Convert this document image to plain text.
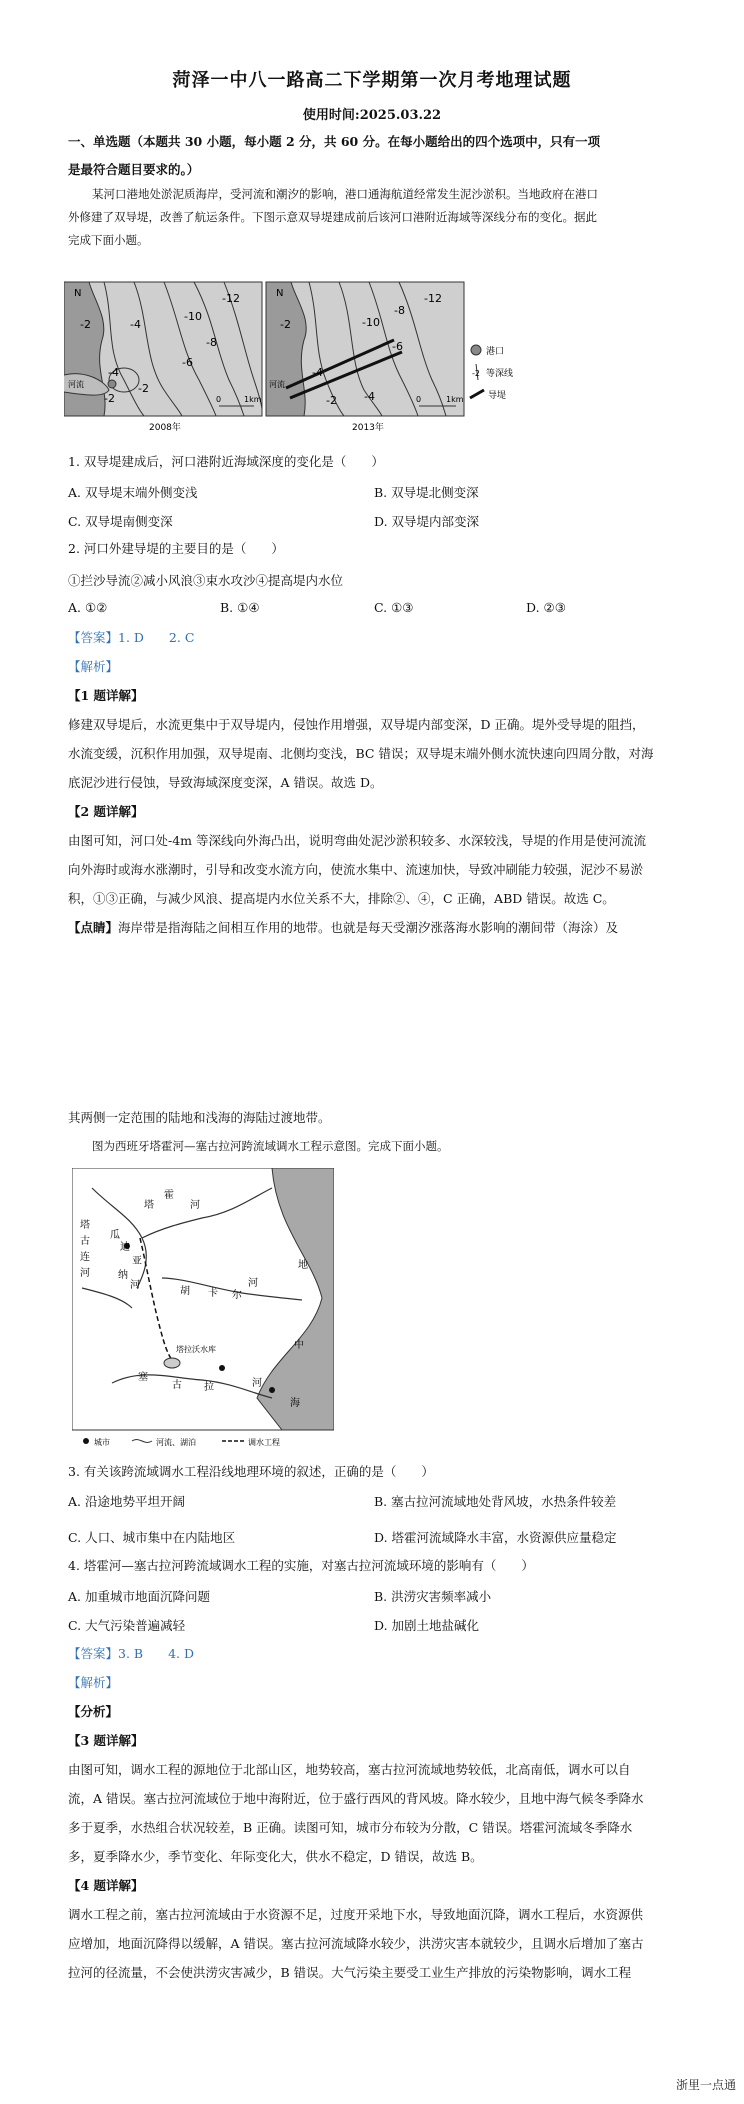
菏泽一中八一路高二下学期第一次月考地理试题
使用时间:2025.03.22
一、单选题（本题共 30 小题，每小题 2 分，共 60 分。在每小题给出的四个选项中，只有一项
是最符合题目要求的。）
某河口港地处淤泥质海岸，受河流和潮汐的影响，港口通海航道经常发生泥沙淤积。当地政府在港口
外修建了双导堤，改善了航运条件。下图示意双导堤建成前后该河口港附近海域等深线分布的变化。据此
完成下面小题。
N	-12
-10
-8
-6
-2	-4
-4
-2
-2
河流
0	1km
2008年
N	-12
-8
-10
-6
-4
-2
-2 -4
河流
0	1km
2013年
港口
-2 等深线
导堤
1. 双导堤建成后，河口港附近海域深度的变化是（　　）
A. 双导堤末端外侧变浅	B. 双导堤北侧变深
C. 双导堤南侧变深	D. 双导堤内部变深
2. 河口外建导堤的主要目的是（　　）
①拦沙导流②减小风浪③束水攻沙④提高堤内水位
A. ①②	B. ①④	C. ①③	D. ②③
【答案】1. D　　2. C
【解析】
【1 题详解】
修建双导堤后，水流更集中于双导堤内，侵蚀作用增强，双导堤内部变深，D 正确。堤外受导堤的阻挡，
水流变缓，沉积作用加强，双导堤南、北侧均变浅，BC 错误；双导堤末端外侧水流快速向四周分散，对海
底泥沙进行侵蚀，导致海域深度变深，A 错误。故选 D。
【2 题详解】
由图可知，河口处-4m 等深线向外海凸出，说明弯曲处泥沙淤积较多、水深较浅，导堤的作用是使河流流
向外海时或海水涨潮时，引导和改变水流方向，使流水集中、流速加快，导致冲刷能力较强，泥沙不易淤
积，①③正确，与减少风浪、提高堤内水位关系不大，排除②、④，C 正确，ABD 错误。故选 C。
【点睛】海岸带是指海陆之间相互作用的地带。也就是每天受潮汐涨落海水影响的潮间带（海涂）及
其两侧一定范围的陆地和浅海的海陆过渡地带。
图为西班牙塔霍河—塞古拉河跨流域调水工程示意图。完成下面小题。
塔
霍
河
塔
古
连
河
瓜
迪
亚
纳
河
胡 卡 尔
河
地
中
海
塔拉沃水库
塞
古 拉	河
城市	河流、湖泊	调水工程
3. 有关该跨流域调水工程沿线地理环境的叙述，正确的是（　　）
A. 沿途地势平坦开阔	B. 塞古拉河流域地处背风坡，水热条件较差
C. 人口、城市集中在内陆地区	D. 塔霍河流域降水丰富，水资源供应量稳定
4. 塔霍河—塞古拉河跨流域调水工程的实施，对塞古拉河流域环境的影响有（　　）
A. 加重城市地面沉降问题	B. 洪涝灾害频率减小
C. 大气污染普遍减轻	D. 加剧土地盐碱化
【答案】3. B　　4. D
【解析】
【分析】
【3 题详解】
由图可知，调水工程的源地位于北部山区，地势较高，塞古拉河流域地势较低，北高南低，调水可以自
流，A 错误。塞古拉河流域位于地中海附近，位于盛行西风的背风坡。降水较少，且地中海气候冬季降水
多于夏季，水热组合状况较差，B 正确。读图可知，城市分布较为分散，C 错误。塔霍河流域冬季降水
多，夏季降水少，季节变化、年际变化大，供水不稳定，D 错误，故选 B。
【4 题详解】
调水工程之前，塞古拉河流域由于水资源不足，过度开采地下水，导致地面沉降，调水工程后，水资源供
应增加，地面沉降得以缓解，A 错误。塞古拉河流域降水较少，洪涝灾害本就较少，且调水后增加了塞古
拉河的径流量，不会使洪涝灾害减少，B 错误。大气污染主要受工业生产排放的污染物影响，调水工程
浙里一点通
